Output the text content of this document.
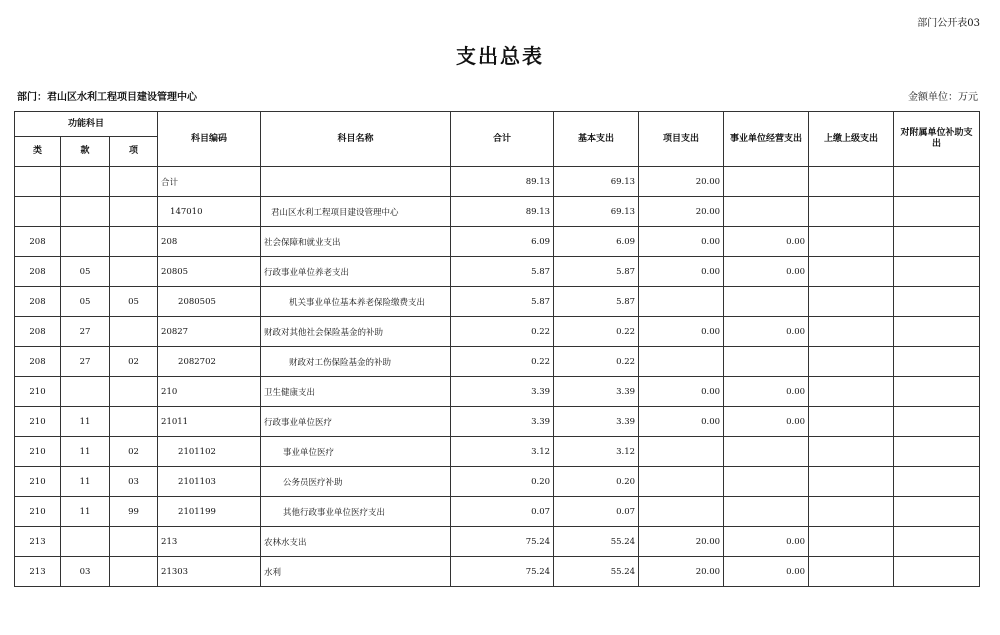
部门公开表03
支出总表
部门：君山区水利工程项目建设管理中心	金额单位：万元
功能科目			科目编码	科目名称	合计	基本支出	项目支出	事业单位经营支出	上缴上级支出	对附属单位补助支出
类	款	项								
			合计		89.13	69.13	20.00			
			147010	君山区水利工程项目建设管理中心	89.13	69.13	20.00			
208			208	社会保障和就业支出	6.09	6.09	0.00	0.00		
208	05		20805	行政事业单位养老支出	5.87	5.87	0.00	0.00		
208	05	05	2080505	机关事业单位基本养老保险缴费支出	5.87	5.87				
208	27		20827	财政对其他社会保险基金的补助	0.22	0.22	0.00	0.00		
208	27	02	2082702	财政对工伤保险基金的补助	0.22	0.22				
210			210	卫生健康支出	3.39	3.39	0.00	0.00		
210	11		21011	行政事业单位医疗	3.39	3.39	0.00	0.00		
210	11	02	2101102	事业单位医疗	3.12	3.12				
210	11	03	2101103	公务员医疗补助	0.20	0.20				
210	11	99	2101199	其他行政事业单位医疗支出	0.07	0.07				
213			213	农林水支出	75.24	55.24	20.00	0.00		
213	03		21303	水利	75.24	55.24	20.00	0.00		
